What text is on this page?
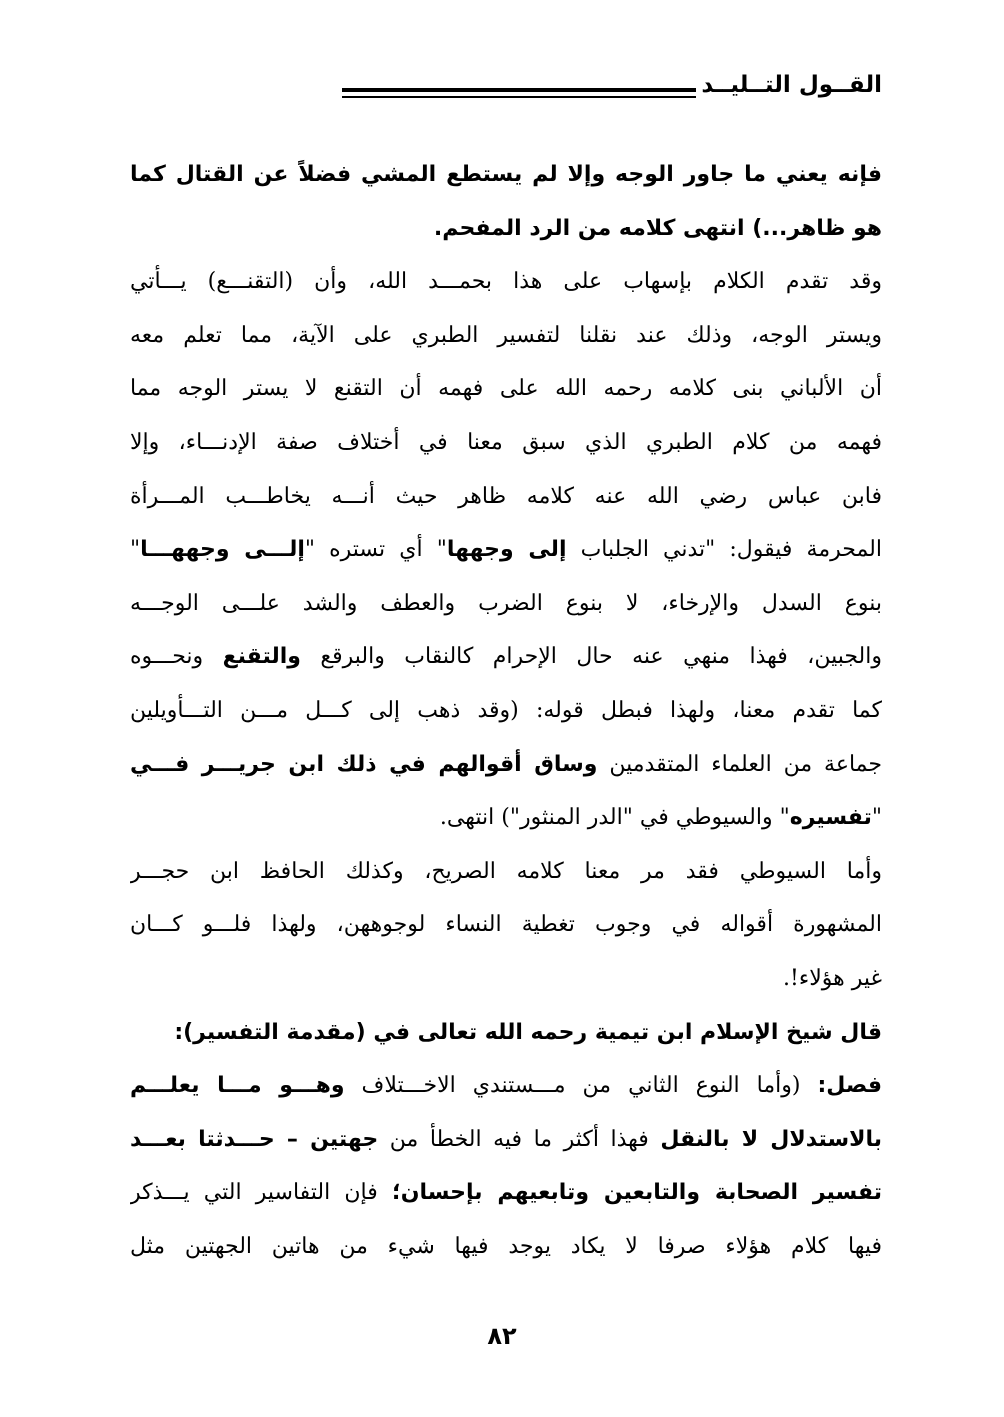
القــول التــليــد
فإنه يعني ما جاور الوجه وإلا لم يستطع المشي فضلاً عن القتال كما
هو ظاهر...) انتهى كلامه من الرد المفحم.
وقد تقدم الكلام بإسهاب على هذا بحمـــد الله، وأن (التقنـــع) يـــأتي
ويستر الوجه، وذلك عند نقلنا لتفسير الطبري على الآية، مما تعلم معه
أن الألباني بنى كلامه رحمه الله على فهمه أن التقنع لا يستر الوجه مما
فهمه من كلام الطبري الذي سبق معنا في أختلاف صفة الإدنـــاء، وإلا
فابن عباس رضي الله عنه كلامه ظاهر حيث أنـــه يخاطـــب المـــرأة
المحرمة فيقول: "تدني الجلباب إلى وجهها" أي تستره "إلـــى وجههـــا"
بنوع السدل والإرخاء، لا بنوع الضرب والعطف والشد علـــى الوجـــه
والجبين، فهذا منهي عنه حال الإحرام كالنقاب والبرقع والتقنع ونحـــوه
كما تقدم معنا، ولهذا فبطل قوله: (وقد ذهب إلى كـــل مـــن التـــأويلين
جماعة من العلماء المتقدمين وساق أقوالهم في ذلك ابن جريـــر فـــي
"تفسيره" والسيوطي في "الدر المنثور") انتهى.
وأما السيوطي فقد مر معنا كلامه الصريح، وكذلك الحافظ ابن حجـــر
المشهورة أقواله في وجوب تغطية النساء لوجوههن، ولهذا فلـــو كـــان
غير هؤلاء!.
قال شيخ الإسلام ابن تيمية رحمه الله تعالى في (مقدمة التفسير):
فصل: (وأما النوع الثاني من مـــستندي الاخـــتلاف وهـــو مـــا يعلـــم
بالاستدلال لا بالنقل فهذا أكثر ما فيه الخطأ من جهتين – حـــدثتا بعـــد
تفسير الصحابة والتابعين وتابعيهم بإحسان؛ فإن التفاسير التي يـــذكر
فيها كلام هؤلاء صرفا لا يكاد يوجد فيها شيء من هاتين الجهتين مثل
٨٢
